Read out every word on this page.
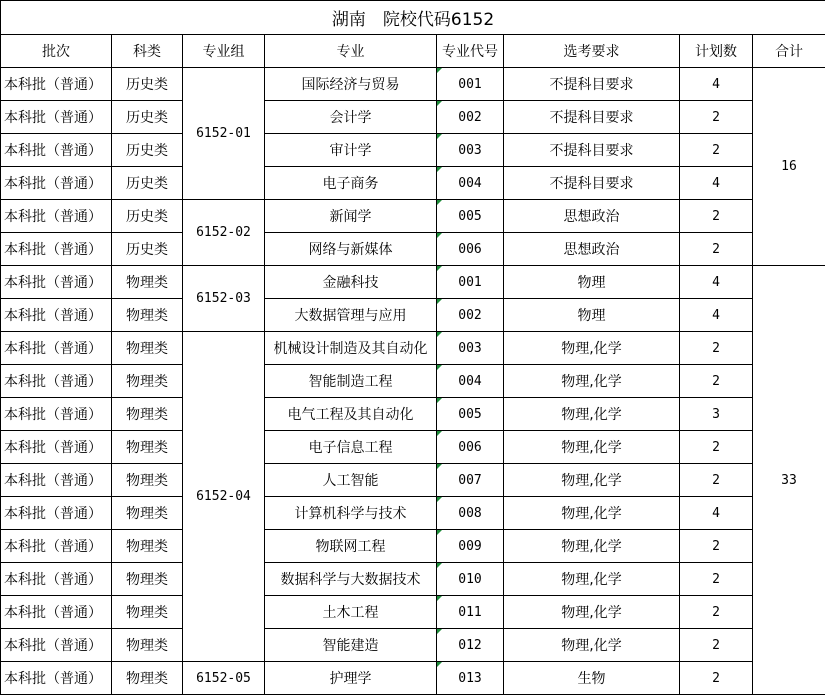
湖南　院校代码6152							
批次	科类	专业组	专业	专业代号	选考要求	计划数	合计
本科批（普通）	历史类	6152-01	国际经济与贸易	001	不提科目要求	4	16
本科批（普通）	历史类		会计学	002	不提科目要求	2	
本科批（普通）	历史类		审计学	003	不提科目要求	2	
本科批（普通）	历史类		电子商务	004	不提科目要求	4	
本科批（普通）	历史类	6152-02	新闻学	005	思想政治	2	
本科批（普通）	历史类		网络与新媒体	006	思想政治	2	
本科批（普通）	物理类	6152-03	金融科技	001	物理	4	33
本科批（普通）	物理类		大数据管理与应用	002	物理	4	
本科批（普通）	物理类	6152-04	机械设计制造及其自动化	003	物理,化学	2	
本科批（普通）	物理类		智能制造工程	004	物理,化学	2	
本科批（普通）	物理类		电气工程及其自动化	005	物理,化学	3	
本科批（普通）	物理类		电子信息工程	006	物理,化学	2	
本科批（普通）	物理类		人工智能	007	物理,化学	2	
本科批（普通）	物理类		计算机科学与技术	008	物理,化学	4	
本科批（普通）	物理类		物联网工程	009	物理,化学	2	
本科批（普通）	物理类		数据科学与大数据技术	010	物理,化学	2	
本科批（普通）	物理类		土木工程	011	物理,化学	2	
本科批（普通）	物理类		智能建造	012	物理,化学	2	
本科批（普通）	物理类	6152-05	护理学	013	生物	2	
